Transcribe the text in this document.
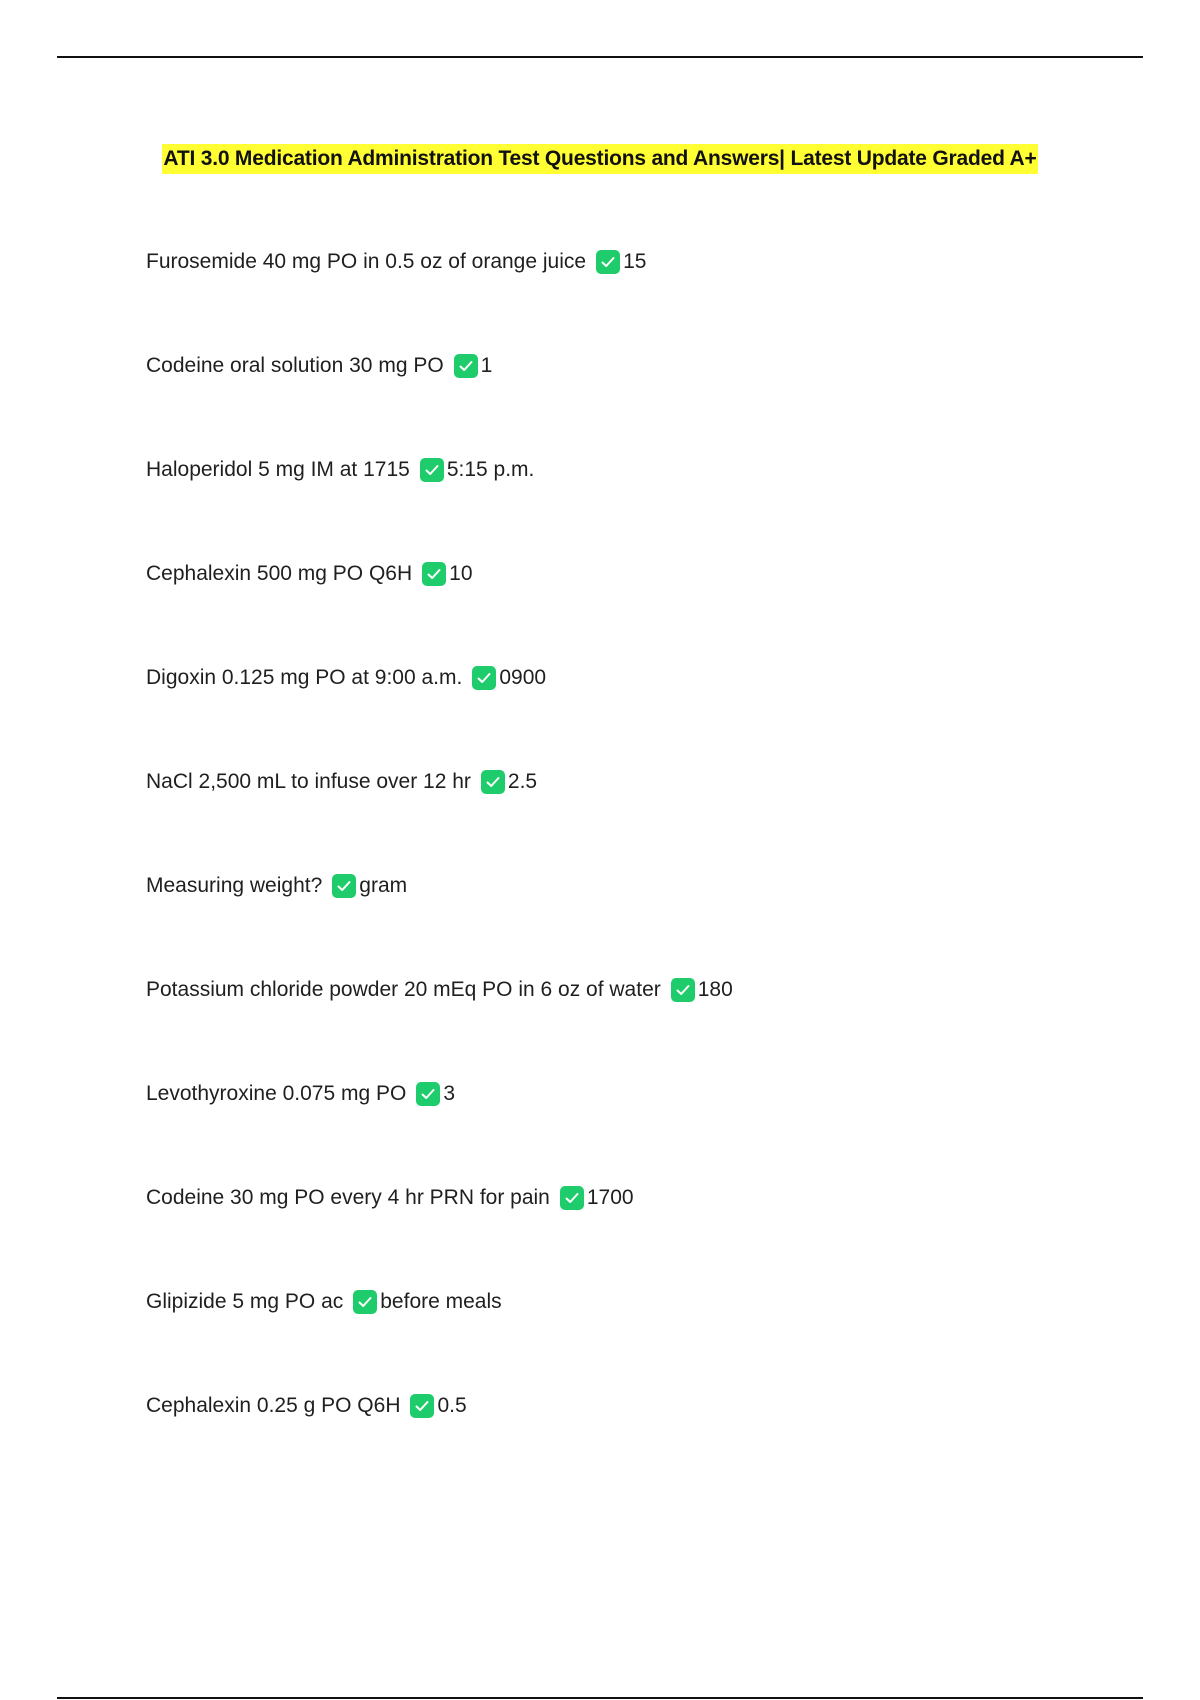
ATI 3.0 Medication Administration Test Questions and Answers| Latest Update Graded A+
Furosemide 40 mg PO in 0.5 oz of orange juice 15
Codeine oral solution 30 mg PO 1
Haloperidol 5 mg IM at 1715 5:15 p.m.
Cephalexin 500 mg PO Q6H 10
Digoxin 0.125 mg PO at 9:00 a.m. 0900
NaCl 2,500 mL to infuse over 12 hr 2.5
Measuring weight? gram
Potassium chloride powder 20 mEq PO in 6 oz of water 180
Levothyroxine 0.075 mg PO 3
Codeine 30 mg PO every 4 hr PRN for pain 1700
Glipizide 5 mg PO ac before meals
Cephalexin 0.25 g PO Q6H 0.5
